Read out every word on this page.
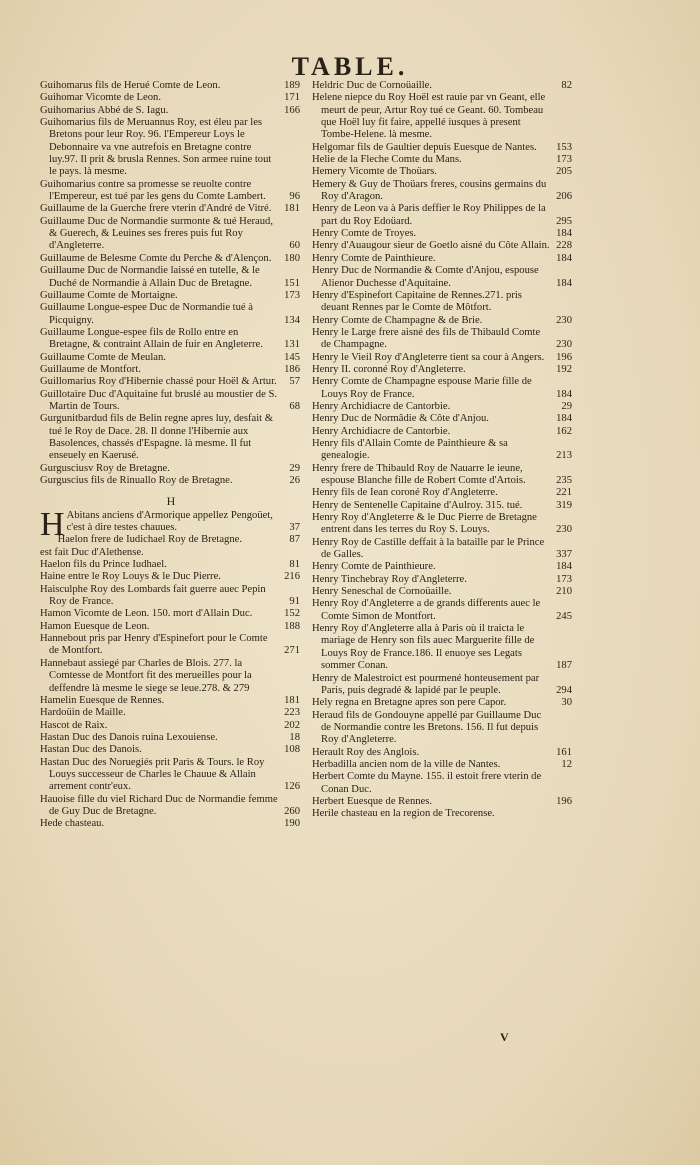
TABLE.
Guihomarus fils de Herué Comte de Leon.	189
Guihomar Vicomte de Leon.	171
Guihomarius Abbé de S. Iagu.	166
Guihomarius fils de Meruannus Roy, est éleu par les Bretons pour leur Roy. 96. l'Empereur Loys le Debonnaire va vne autrefois en Bretagne contre luy.97. Il prit & brusla Rennes. Son armee ruine tout le pays. là mesme.
Guihomarius contre sa promesse se reuolte contre l'Empereur, est tué par les gens du Comte Lambert. 96
Guillaume de la Guerche frere vterin d'André de Vitré. 181
Guillaume Duc de Normandie surmonte & tué Heraud, & Guerech, & Leuines ses freres puis fut Roy d'Angleterre.	60
Guillaume de Belesme Comte du Perche & d'Alençon. 180
Guillaume Duc de Normandie laissé en tutelle, & le Duché de Normandie à Allain Duc de Bretagne.	151
Guillaume Comte de Mortaigne.	173
Guillaume Longue-espee Duc de Normandie tué à Picquigny.	134
Guillaume Longue-espee fils de Rollo entre en Bretagne, & contraint Allain de fuir en Angleterre. 131
Guillaume Comte de Meulan.	145
Guillaume de Montfort.	186
Guillomarius Roy d'Hibernie chassé pour Hoël & Artur. 57
Guillotaire Duc d'Aquitaine fut bruslé au moustier de S. Martin de Tours.	68
Gurgunitbardud fils de Belin regne apres luy, desfait & tué le Roy de Dace. 28. Il donne l'Hibernie aux Basolences, chassés d'Espagne. là mesme. Il fut enseuely en Kaerusé.
Gurgusciusv Roy de Bretagne.	29
Gurguscius fils de Rinuallo Roy de Bretagne.	26
H
H Abitans anciens d'Armorique appellez Pengoüet, c'est à dire testes chauues.	37
Haelon frere de Iudichael Roy de Bretagne.	87
est fait Duc d'Alethense.
Haelon fils du Prince Iudhael.	81
Haine entre le Roy Louys & le Duc Pierre.	216
Haisculphe Roy des Lombards fait guerre auec Pepin Roy de France.	91
Hamon Vicomte de Leon. 150. mort d'Allain Duc.	152
Hamon Euesque de Leon.	188
Hannebout pris par Henry d'Espinefort pour le Comte de Montfort.	271
Hannebaut assiegé par Charles de Blois. 277. la Comtesse de Montfort fit des merueilles pour la deffendre là mesme le siege se leue.278. & 279
Hamelin Euesque de Rennes.	181
Hardoüin de Maille.	223
Hascot de Raix.	202
Hastan Duc des Danois ruina Lexouiense.	18
Hastan Duc des Danois.	108
Hastan Duc des Noruegiés prit Paris & Tours. le Roy Louys successeur de Charles le Chauue & Allain arrement contr'eux.	126
Hauoise fille du viel Richard Duc de Normandie femme de Guy Duc de Bretagne.	260
Hede chasteau.	190
Heldric Duc de Cornoüaille.	82
Helene niepce du Roy Hoël est rauie par vn Geant, elle meurt de peur, Artur Roy tué ce Geant. 60. Tombeau que Hoël luy fit faire, appellé iusques à present Tombe-Helene. là mesme.
Helgomar fils de Gaultier depuis Euesque de Nantes. 153
Helie de la Fleche Comte du Mans.	173
Hemery Vicomte de Thoüars.	205
Hemery & Guy de Thoüars freres, cousins germains du Roy d'Aragon.	206
Henry de Leon va à Paris deffier le Roy Philippes de la part du Roy Edoüard.	295
Henry Comte de Troyes.	184
Henry d'Auaugour sieur de Goetlo aisné du Côte Allain. 228
Henry Comte de Painthieure.	184
Henry Duc de Normandie & Comte d'Anjou, espouse Alienor Duchesse d'Aquitaine.	184
Henry d'Espinefort Capitaine de Rennes.271. pris deuant Rennes par le Comte de Môtfort.
Henry Comte de Champagne & de Brie.	230
Henry le Large frere aisné des fils de Thibauld Comte de Champagne.	230
Henry le Vieil Roy d'Angleterre tient sa cour à Angers. 196
Henry II. coronné Roy d'Angleterre.	192
Henry Comte de Champagne espouse Marie fille de Louys Roy de France.	184
Henry Archidiacre de Cantorbie.	29
Henry Duc de Normâdie & Côte d'Anjou.	184
Henry Archidiacre de Cantorbie.	162
Henry fils d'Allain Comte de Painthieure & sa genealogie.	213
Henry frere de Thibauld Roy de Nauarre le ieune, espouse Blanche fille de Robert Comte d'Artois.	235
Henry fils de Iean coroné Roy d'Angleterre.	221
Henry de Sentenelle Capitaine d'Aulroy. 315. tué.	319
Henry Roy d'Angleterre & le Duc Pierre de Bretagne entrent dans les terres du Roy S. Louys.	230
Henry Roy de Castille deffait à la bataille par le Prince de Galles.	337
Henry Comte de Painthieure.	184
Henry Tinchebray Roy d'Angleterre.	173
Henry Seneschal de Cornoüaille.	210
Henry Roy d'Angleterre a de grands differents auec le Comte Simon de Montfort.	245
Henry Roy d'Angleterre alla à Paris où il traicta le mariage de Henry son fils auec Marguerite fille de Louys Roy de France.186. Il enuoye ses Legats sommer Conan.	187
Henry de Malestroict est pourmené honteusement par Paris, puis degradé & lapidé par le peuple.	294
Hely regna en Bretagne apres son pere Capor.	30
Heraud fils de Gondouyne appellé par Guillaume Duc de Normandie contre les Bretons. 156. Il fut depuis Roy d'Angleterre.
Herault Roy des Anglois.	161
Herbadilla ancien nom de la ville de Nantes.	12
Herbert Comte du Mayne. 155. il estoit frere vterin de Conan Duc.
Herbert Euesque de Rennes.	196
Herile chasteau en la region de Trecorense.
V
